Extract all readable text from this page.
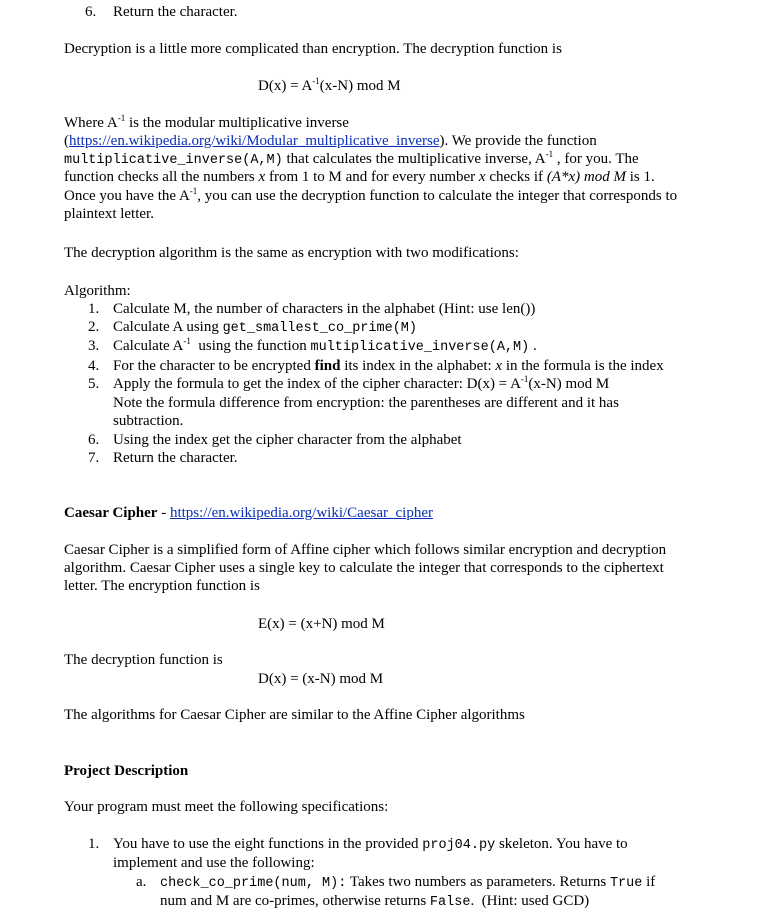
6. Return the character.
Decryption is a little more complicated than encryption. The decryption function is
$D(x) = A^{-1}(x-N)$ mod M
Where $A^{-1}$ is the modular multiplicative inverse
(https://en.wikipedia.org/wiki/Modular_multiplicative_inverse). We provide the function
multiplicative_inverse(A,M) that calculates the multiplicative inverse, $A^{-1}$ , for you. The
function checks all the numbers x from 1 to M and for every number x checks if (A*x) mod M is 1.
Once you have the $A^{-1}$, you can use the decryption function to calculate the integer that corresponds to
plaintext letter.
The decryption algorithm is the same as encryption with two modifications:
Algorithm:
1. Calculate M, the number of characters in the alphabet (Hint: use len())
2. Calculate A using get_smallest_co_prime(M)
3. Calculate $A^{-1}$  using the function multiplicative_inverse(A,M) .
4. For the character to be encrypted find its index in the alphabet: x in the formula is the index
5. Apply the formula to get the index of the cipher character: $D(x) = A^{-1}(x-N)$ mod M
Note the formula difference from encryption: the parentheses are different and it has
subtraction.
6. Using the index get the cipher character from the alphabet
7. Return the character.
Caesar Cipher - https://en.wikipedia.org/wiki/Caesar_cipher
Caesar Cipher is a simplified form of Affine cipher which follows similar encryption and decryption
algorithm. Caesar Cipher uses a single key to calculate the integer that corresponds to the ciphertext
letter. The encryption function is
E(x) = (x+N) mod M
The decryption function is
D(x) = (x-N) mod M
The algorithms for Caesar Cipher are similar to the Affine Cipher algorithms
Project Description
Your program must meet the following specifications:
1. You have to use the eight functions in the provided proj04.py skeleton. You have to
implement and use the following:
a. check_co_prime(num, M): Takes two numbers as parameters. Returns True if
num and M are co-primes, otherwise returns False.  (Hint: used GCD)
